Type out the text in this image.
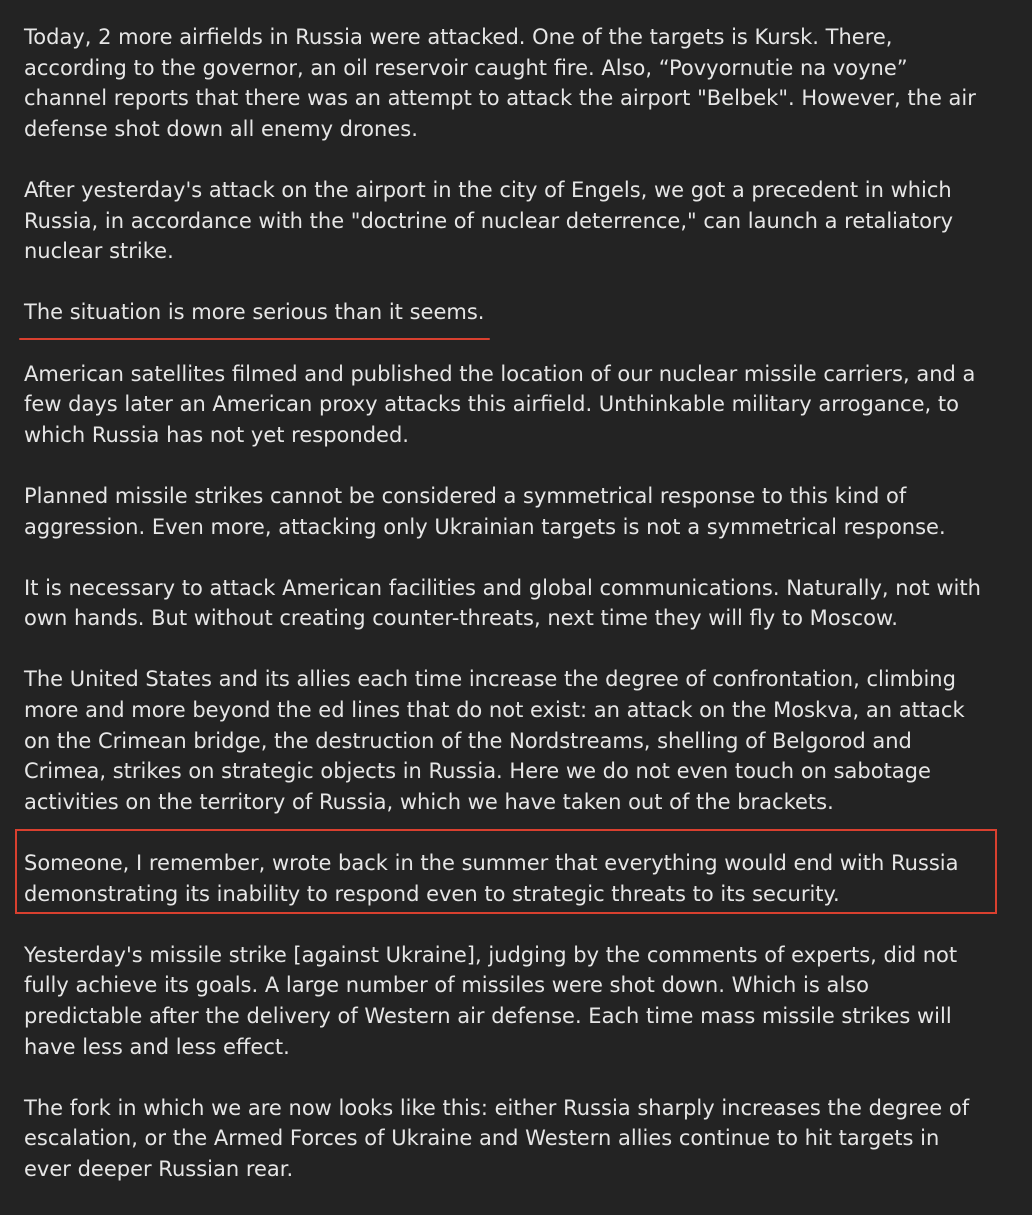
Today, 2 more airfields in Russia were attacked. One of the targets is Kursk. There,
according to the governor, an oil reservoir caught fire. Also, “Povyornutie na voyne”
channel reports that there was an attempt to attack the airport "Belbek". However, the air
defense shot down all enemy drones.

After yesterday's attack on the airport in the city of Engels, we got a precedent in which
Russia, in accordance with the "doctrine of nuclear deterrence," can launch a retaliatory
nuclear strike.

The situation is more serious than it seems.

American satellites filmed and published the location of our nuclear missile carriers, and a
few days later an American proxy attacks this airfield. Unthinkable military arrogance, to
which Russia has not yet responded.

Planned missile strikes cannot be considered a symmetrical response to this kind of
aggression. Even more, attacking only Ukrainian targets is not a symmetrical response.

It is necessary to attack American facilities and global communications. Naturally, not with
own hands. But without creating counter-threats, next time they will fly to Moscow.

The United States and its allies each time increase the degree of confrontation, climbing
more and more beyond the ed lines that do not exist: an attack on the Moskva, an attack
on the Crimean bridge, the destruction of the Nordstreams, shelling of Belgorod and
Crimea, strikes on strategic objects in Russia. Here we do not even touch on sabotage
activities on the territory of Russia, which we have taken out of the brackets.

Someone, I remember, wrote back in the summer that everything would end with Russia
demonstrating its inability to respond even to strategic threats to its security.

Yesterday's missile strike [against Ukraine], judging by the comments of experts, did not
fully achieve its goals. A large number of missiles were shot down. Which is also
predictable after the delivery of Western air defense. Each time mass missile strikes will
have less and less effect.

The fork in which we are now looks like this: either Russia sharply increases the degree of
escalation, or the Armed Forces of Ukraine and Western allies continue to hit targets in
ever deeper Russian rear.
